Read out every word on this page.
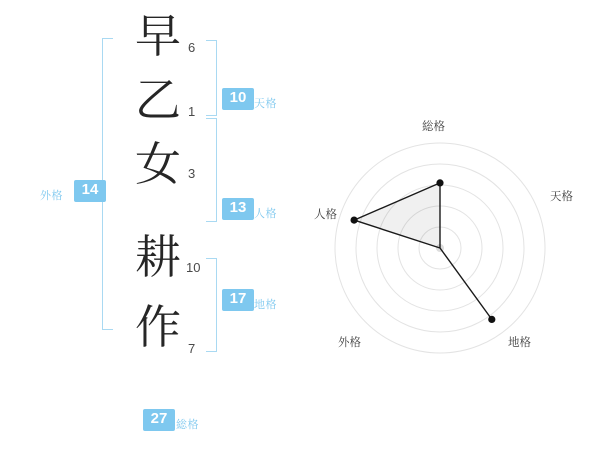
早
乙
女
耕
作
6
1
3
10
7
10 天格
13 人格
17 地格
14
外格
27 総格
総格
天格
地格
外格
人格
